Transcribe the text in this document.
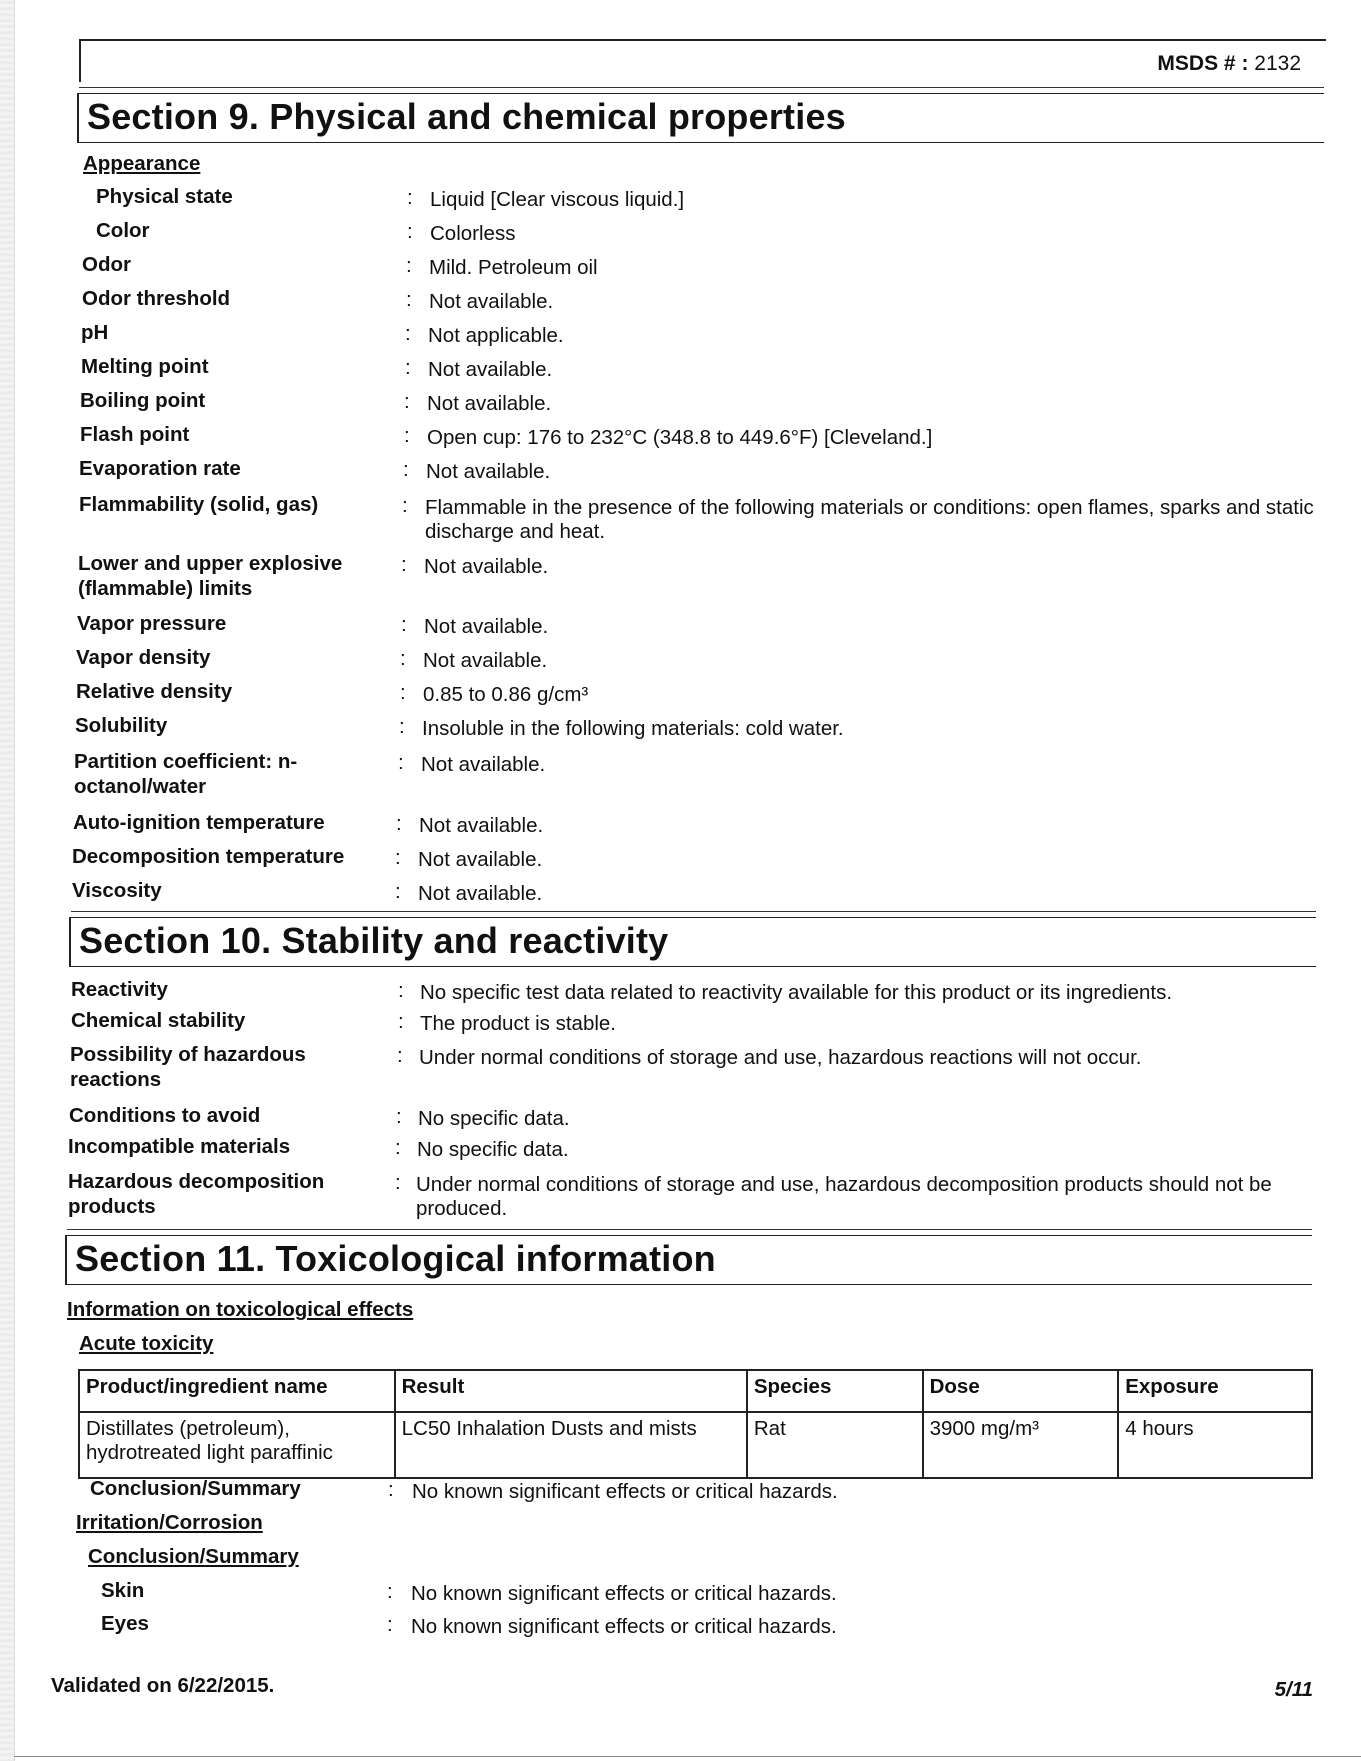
MSDS # : 2132
Section 9. Physical and chemical properties
Appearance
Physical state	: Liquid [Clear viscous liquid.]
Color	: Colorless
Odor	: Mild. Petroleum oil
Odor threshold	: Not available.
pH	: Not applicable.
Melting point	: Not available.
Boiling point	: Not available.
Flash point	: Open cup: 176 to 232°C (348.8 to 449.6°F) [Cleveland.]
Evaporation rate	: Not available.
Flammability (solid, gas)	: Flammable in the presence of the following materials or conditions: open flames, sparks and static discharge and heat.
Lower and upper explosive (flammable) limits
: Not available.
Vapor pressure	: Not available.
Vapor density	: Not available.
Relative density	: 0.85 to 0.86 g/cm³
Solubility	: Insoluble in the following materials: cold water.
Partition coefficient: n-octanol/water
: Not available.
Auto-ignition temperature	: Not available.
Decomposition temperature : Not available.
Viscosity	: Not available.
Section 10. Stability and reactivity
Reactivity	: No specific test data related to reactivity available for this product or its ingredients.
Chemical stability	: The product is stable.
Possibility of hazardous reactions
: Under normal conditions of storage and use, hazardous reactions will not occur.
Conditions to avoid	: No specific data.
Incompatible materials	: No specific data.
Hazardous decomposition products
: Under normal conditions of storage and use, hazardous decomposition products should not be produced.
Section 11. Toxicological information
Information on toxicological effects
Acute toxicity
Product/ingredient name	Result	Species	Dose	Exposure
Distillates (petroleum), hydrotreated light paraffinic	LC50 Inhalation Dusts and mists	Rat	3900 mg/m³	4 hours
Conclusion/Summary	: No known significant effects or critical hazards.
Irritation/Corrosion
Conclusion/Summary
Skin	: No known significant effects or critical hazards.
Eyes	: No known significant effects or critical hazards.
Validated on 6/22/2015.	5/11
